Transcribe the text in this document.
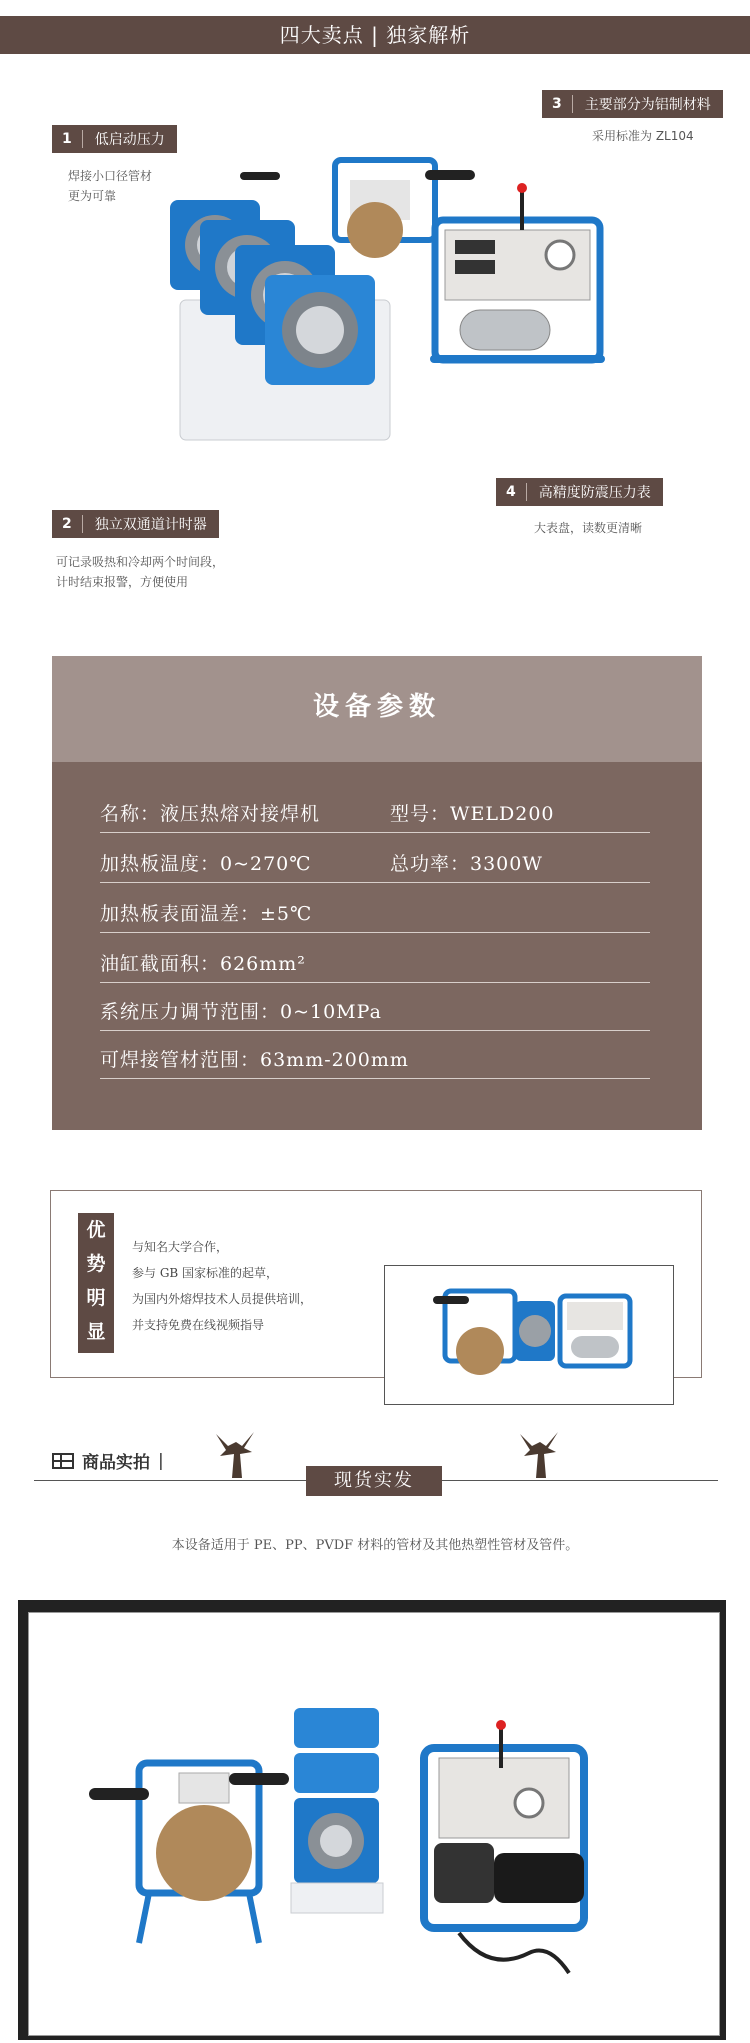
四大卖点 | 独家解析
1	低启动压力
焊接小口径管材
更为可靠
2	独立双通道计时器
可记录吸热和冷却两个时间段，
计时结束报警，方便使用
3	主要部分为铝制材料
采用标准为 ZL104
4	高精度防震压力表
大表盘，读数更清晰
设备参数
名称：液压热熔对接焊机	型号：WELD200
加热板温度：0~270℃	总功率：3300W
加热板表面温差：±5℃
油缸截面积：626mm²
系统压力调节范围：0~10MPa
可焊接管材范围：63mm-200mm
优
势
明
显
与知名大学合作，
参与 GB 国家标准的起草，
为国内外熔焊技术人员提供培训，
并支持免费在线视频指导
商品实拍 |
现货实发
本设备适用于 PE、PP、PVDF 材料的管材及其他热塑性管材及管件。
